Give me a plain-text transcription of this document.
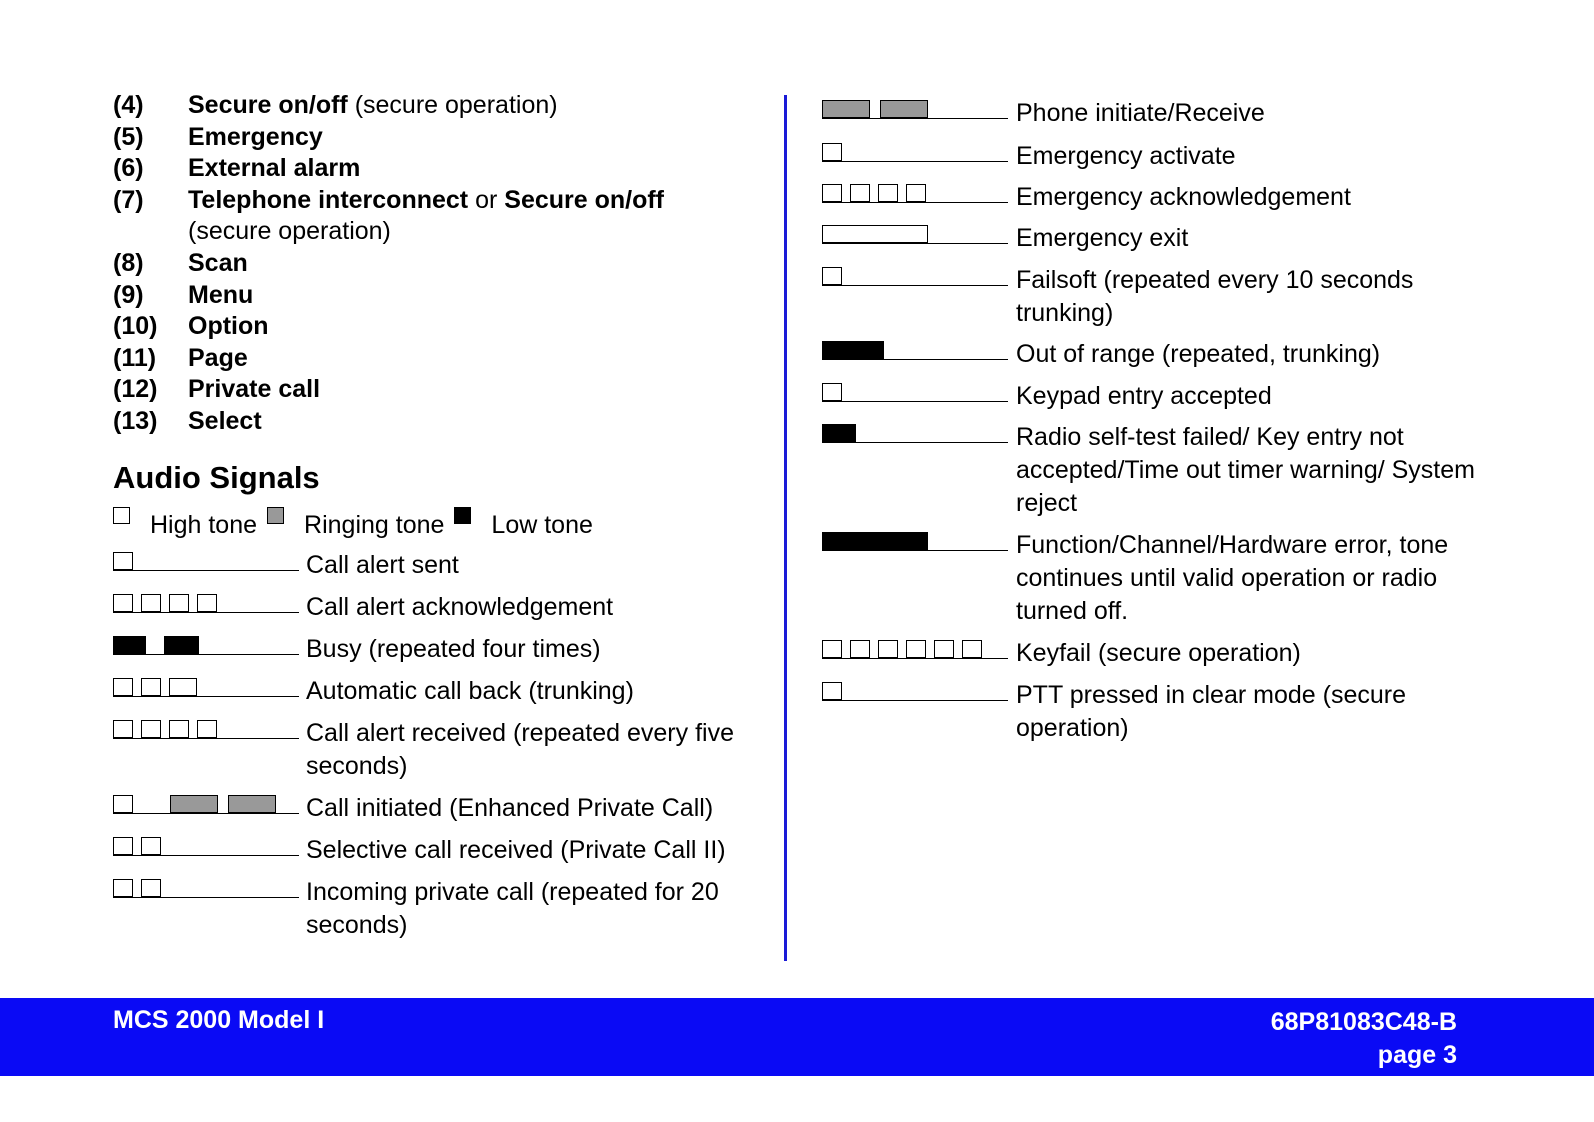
(4)	Secure on/off (secure operation)
(5)	Emergency
(6)	External alarm
(7)	Telephone interconnect or Secure on/off
(secure operation)
(8)	Scan
(9)	Menu
(10)	Option
(11)	Page
(12)	Private call
(13)	Select
Audio Signals
High tone Ringing tone Low tone
Call alert sent
Call alert acknowledgement
Busy (repeated four times)
Automatic call back (trunking)
Call alert received (repeated every five seconds)
Call initiated (Enhanced Private Call)
Selective call received (Private Call II)
Incoming private call (repeated for 20 seconds)
Phone initiate/Receive
Emergency activate
Emergency acknowledgement
Emergency exit
Failsoft (repeated every 10 seconds trunking)
Out of range (repeated, trunking)
Keypad entry accepted
Radio self-test failed/ Key entry not accepted/Time out timer warning/ System reject
Function/Channel/Hardware error, tone continues until valid operation or radio turned off.
Keyfail (secure operation)
PTT pressed in clear mode (secure operation)
MCS 2000 Model I	68P81083C48-B
page 3
